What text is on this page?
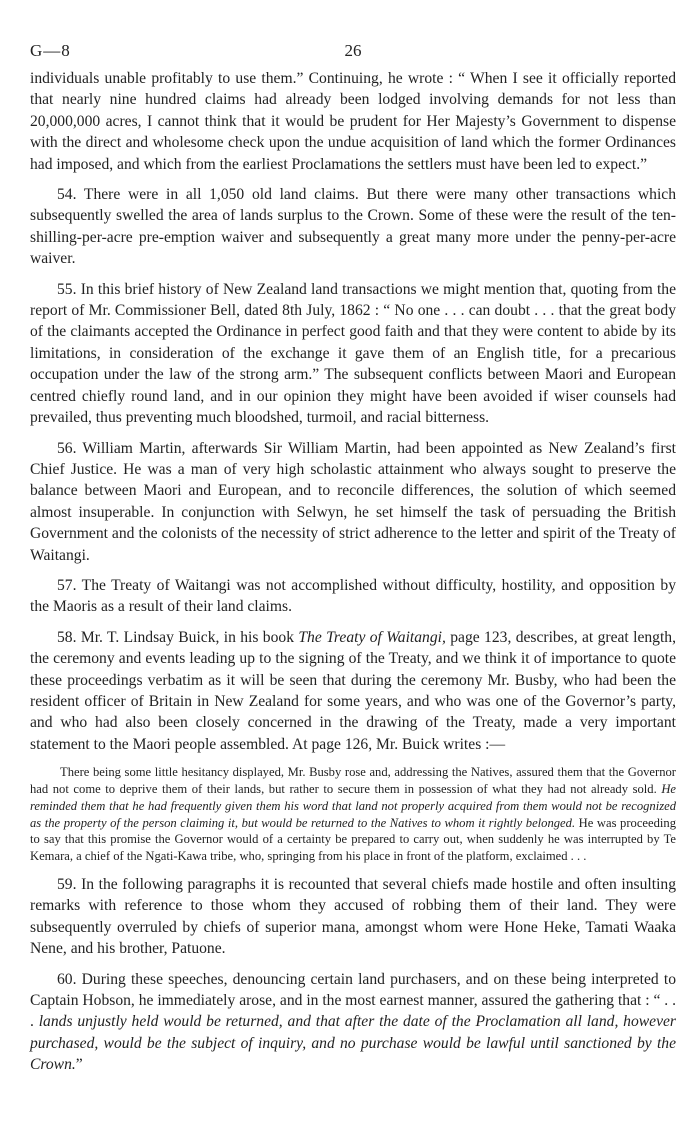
G—8	26

individuals unable profitably to use them.” Continuing, he wrote : “ When I see it officially reported that nearly nine hundred claims had already been lodged involving demands for not less than 20,000,000 acres, I cannot think that it would be prudent for Her Majesty’s Government to dispense with the direct and wholesome check upon the undue acquisition of land which the former Ordinances had imposed, and which from the earliest Proclamations the settlers must have been led to expect.”

54. There were in all 1,050 old land claims. But there were many other transactions which subsequently swelled the area of lands surplus to the Crown. Some of these were the result of the ten-shilling-per-acre pre-emption waiver and subsequently a great many more under the penny-per-acre waiver.

55. In this brief history of New Zealand land transactions we might mention that, quoting from the report of Mr. Commissioner Bell, dated 8th July, 1862 : “ No one . . . can doubt . . . that the great body of the claimants accepted the Ordinance in perfect good faith and that they were content to abide by its limitations, in consideration of the exchange it gave them of an English title, for a precarious occupation under the law of the strong arm.” The subsequent conflicts between Maori and European centred chiefly round land, and in our opinion they might have been avoided if wiser counsels had prevailed, thus preventing much bloodshed, turmoil, and racial bitterness.

56. William Martin, afterwards Sir William Martin, had been appointed as New Zealand’s first Chief Justice. He was a man of very high scholastic attainment who always sought to preserve the balance between Maori and European, and to reconcile differences, the solution of which seemed almost insuperable. In conjunction with Selwyn, he set himself the task of persuading the British Government and the colonists of the necessity of strict adherence to the letter and spirit of the Treaty of Waitangi.

57. The Treaty of Waitangi was not accomplished without difficulty, hostility, and opposition by the Maoris as a result of their land claims.

58. Mr. T. Lindsay Buick, in his book The Treaty of Waitangi, page 123, describes, at great length, the ceremony and events leading up to the signing of the Treaty, and we think it of importance to quote these proceedings verbatim as it will be seen that during the ceremony Mr. Busby, who had been the resident officer of Britain in New Zealand for some years, and who was one of the Governor’s party, and who had also been closely concerned in the drawing of the Treaty, made a very important statement to the Maori people assembled. At page 126, Mr. Buick writes :—

There being some little hesitancy displayed, Mr. Busby rose and, addressing the Natives, assured them that the Governor had not come to deprive them of their lands, but rather to secure them in possession of what they had not already sold. He reminded them that he had frequently given them his word that land not properly acquired from them would not be recognized as the property of the person claiming it, but would be returned to the Natives to whom it rightly belonged. He was proceeding to say that this promise the Governor would of a certainty be prepared to carry out, when suddenly he was interrupted by Te Kemara, a chief of the Ngati-Kawa tribe, who, springing from his place in front of the platform, exclaimed . . .

59. In the following paragraphs it is recounted that several chiefs made hostile and often insulting remarks with reference to those whom they accused of robbing them of their land. They were subsequently overruled by chiefs of superior mana, amongst whom were Hone Heke, Tamati Waaka Nene, and his brother, Patuone.

60. During these speeches, denouncing certain land purchasers, and on these being interpreted to Captain Hobson, he immediately arose, and in the most earnest manner, assured the gathering that : “ . . . lands unjustly held would be returned, and that after the date of the Proclamation all land, however purchased, would be the subject of inquiry, and no purchase would be lawful until sanctioned by the Crown.”
